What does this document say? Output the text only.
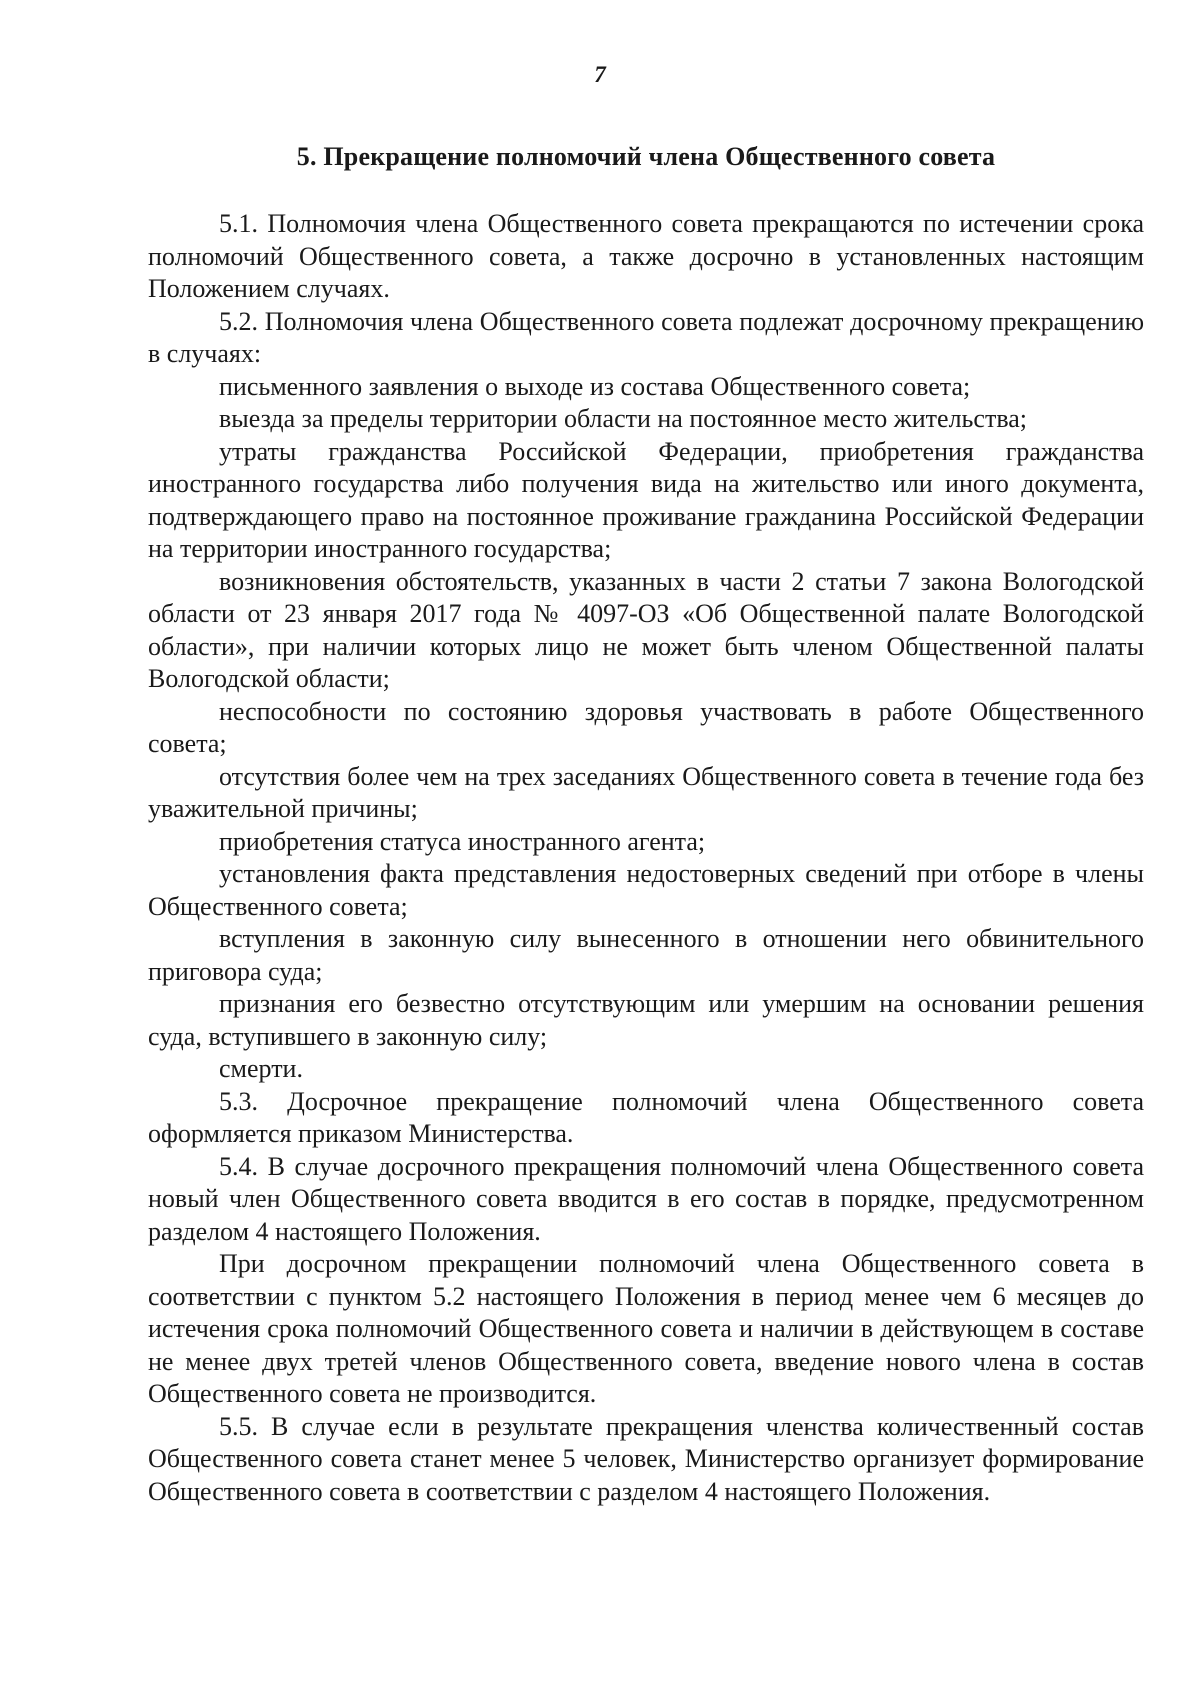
7
5. Прекращение полномочий члена Общественного совета

5.1. Полномочия члена Общественного совета прекращаются по истечении срока полномочий Общественного совета, а также досрочно в установленных настоящим Положением случаях.

5.2. Полномочия члена Общественного совета подлежат досрочному прекращению в случаях:

письменного заявления о выходе из состава Общественного совета;

выезда за пределы территории области на постоянное место жительства;

утраты гражданства Российской Федерации, приобретения гражданства иностранного государства либо получения вида на жительство или иного документа, подтверждающего право на постоянное проживание гражданина Российской Федерации на территории иностранного государства;

возникновения обстоятельств, указанных в части 2 статьи 7 закона Вологодской области от 23 января 2017 года № 4097-ОЗ «Об Общественной палате Вологодской области», при наличии которых лицо не может быть членом Общественной палаты Вологодской области;

неспособности по состоянию здоровья участвовать в работе Общественного совета;

отсутствия более чем на трех заседаниях Общественного совета в течение года без уважительной причины;

приобретения статуса иностранного агента;

установления факта представления недостоверных сведений при отборе в члены Общественного совета;

вступления в законную силу вынесенного в отношении него обвинительного приговора суда;

признания его безвестно отсутствующим или умершим на основании решения суда, вступившего в законную силу;

смерти.

5.3. Досрочное прекращение полномочий члена Общественного совета оформляется приказом Министерства.

5.4. В случае досрочного прекращения полномочий члена Общественного совета новый член Общественного совета вводится в его состав в порядке, предусмотренном разделом 4 настоящего Положения.

При досрочном прекращении полномочий члена Общественного совета в соответствии с пунктом 5.2 настоящего Положения в период менее чем 6 месяцев до истечения срока полномочий Общественного совета и наличии в действующем в составе не менее двух третей членов Общественного совета, введение нового члена в состав Общественного совета не производится.

5.5. В случае если в результате прекращения членства количественный состав Общественного совета станет менее 5 человек, Министерство организует формирование Общественного совета в соответствии с разделом 4 настоящего Положения.
